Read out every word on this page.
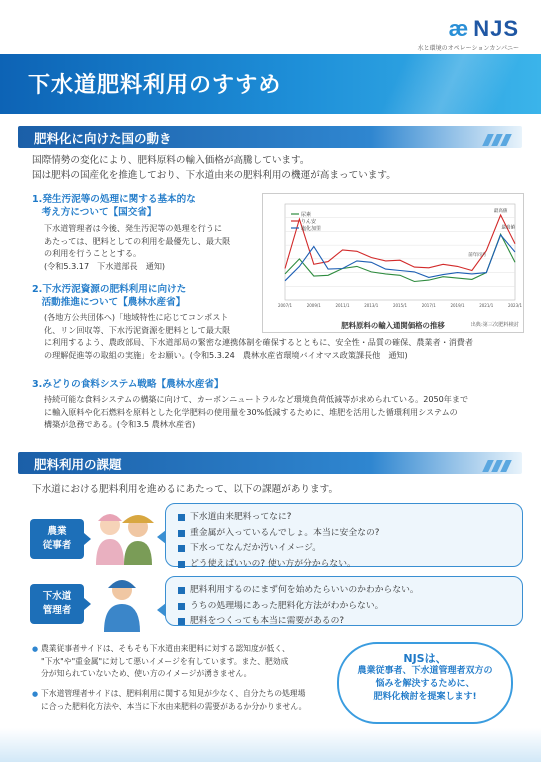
æ NJS
水と環境のオペレーションカンパニー
下水道肥料利用のすすめ
肥料化に向けた国の動き
国際情勢の変化により、肥料原料の輸入価格が高騰しています。
国は肥料の国産化を推進しており、下水道由来の肥料利用の機運が高まっています。
1.発生汚泥等の処理に関する基本的な
　考え方について【国交省】
下水道管理者は今後、発生汚泥等の処理を行うに
あたっては、肥料としての利用を最優先し、最大限
の利用を行うこととする。
(令和5.3.17　下水道部長　通知)
2.下水汚泥資源の肥料利用に向けた
　活動推進について【農林水産省】
(各地方公共団体へ)「地域特性に応じてコンポスト
化、リン回収等、下水汚泥資源を肥料として最大限
に利用するよう、農政部局、下水道部局の緊密な連携体制を確保するとともに、安全性・品質の確保、農業者・消費者
の理解促進等の取組の実施」をお願い。(令和5.3.24　農林水産省環境バイオマス政策課長他　通知)
3.みどりの食料システム戦略【農林水産省】
持続可能な食料システムの構築に向けて、カーボンニュートラルなど環境負荷低減等が求められている。2050年まで
に輸入原料や化石燃料を原料とした化学肥料の使用量を30%低減するために、堆肥を活用した循環利用システムの
構築が急務である。(令和3.5 農林水産省)
2007/1	2009/1	2011/1	2013/1	2015/1	2017/1	2019/1	2021/1	2023/1
尿素
りん安
塩化加里
最高値
前年同月
最高値
肥料原料の輸入通関価格の推移	出典:第三次肥料検討
肥料利用の課題
下水道における肥料利用を進めるにあたって、以下の課題があります。
農業
従事者
下水道由来肥料ってなに?
重金属が入っているんでしょ。本当に安全なの?
下水ってなんだか汚いイメージ。
どう使えばいいの? 使い方が分からない。
下水道
管理者
肥料利用するのにまず何を始めたらいいのかわからない。
うちの処理場にあった肥料化方法がわからない。
肥料をつくっても本当に需要があるの?
● 農業従事者サイドは、そもそも下水道由来肥料に対する認知度が低く、
"下水"や"重金属"に対して悪いイメージを有しています。また、肥効成
分が知られていないため、使い方のイメージが湧きません。
● 下水道管理者サイドは、肥料利用に関する知見が少なく、自分たちの処理場
に合った肥料化方法や、本当に下水由来肥料の需要があるか分かりません。
NJSは、
農業従事者、下水道管理者双方の
悩みを解決するために、
肥料化検討を提案します!
